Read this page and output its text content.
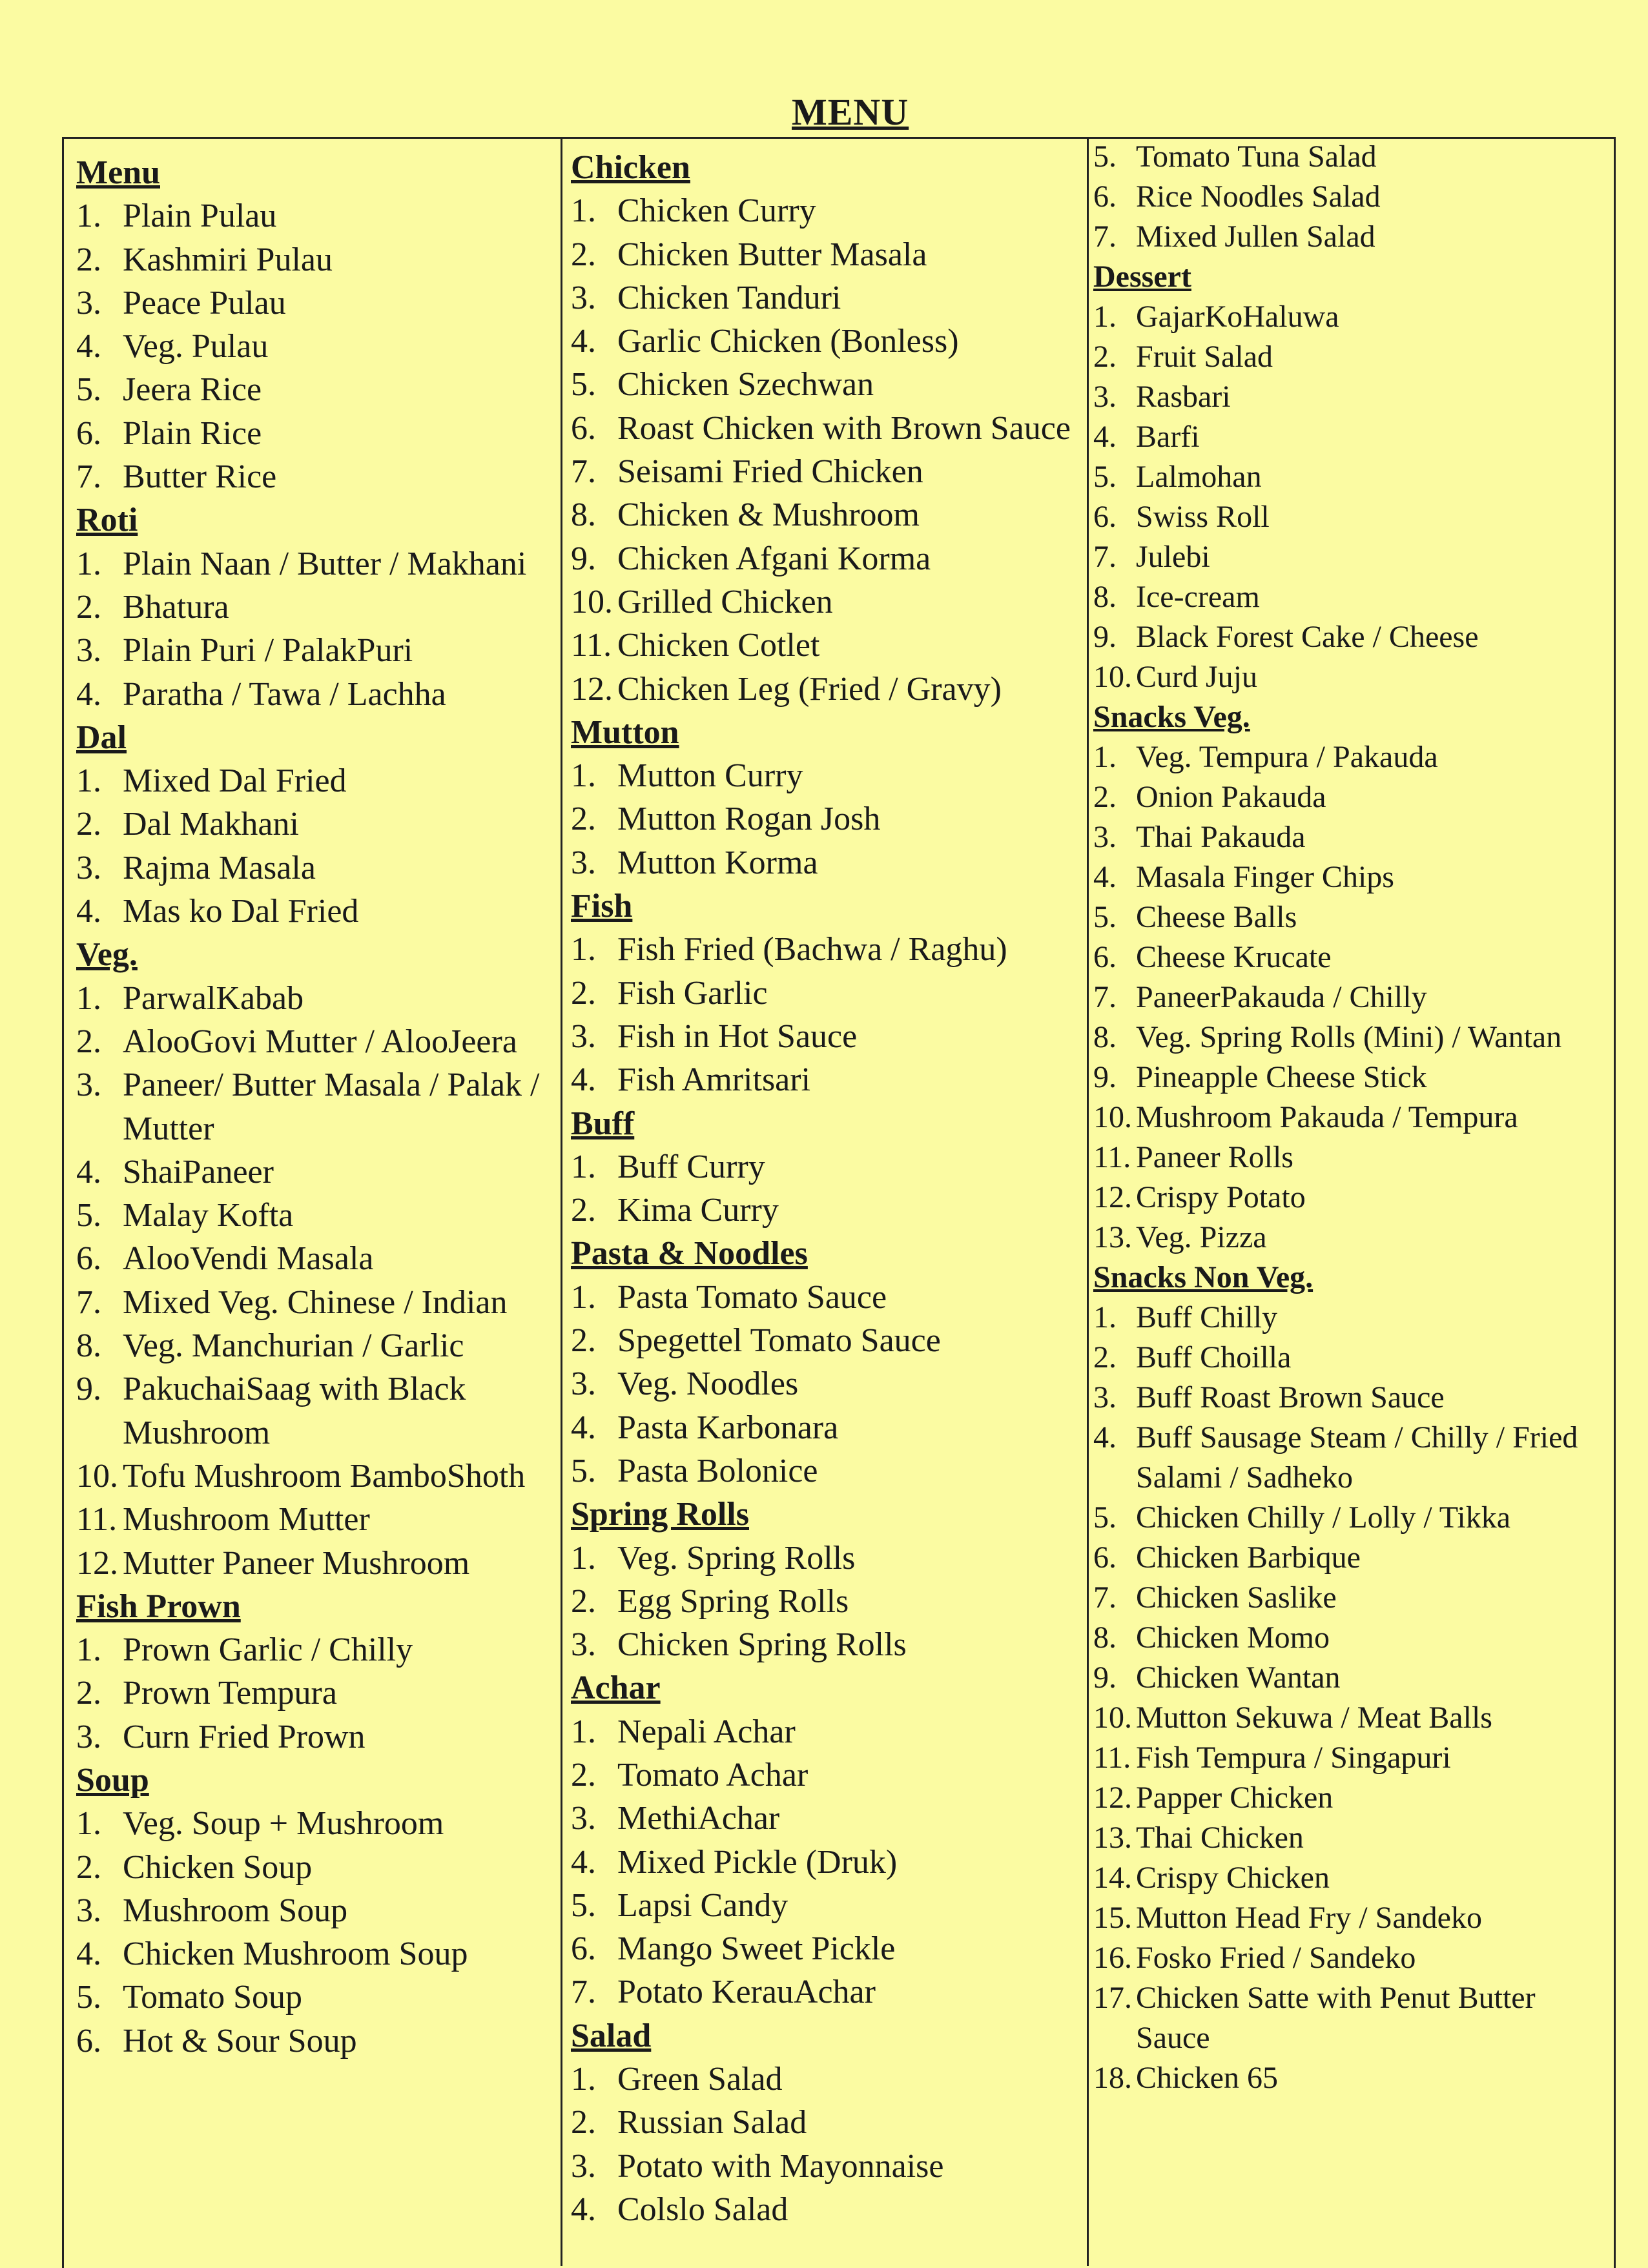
MENU
Menu
1. Plain Pulau
2. Kashmiri Pulau
3. Peace Pulau
4. Veg. Pulau
5. Jeera Rice
6. Plain Rice
7. Butter Rice
Roti
1. Plain Naan / Butter / Makhani
2. Bhatura
3. Plain Puri / PalakPuri
4. Paratha / Tawa / Lachha
Dal
1. Mixed Dal Fried
2. Dal Makhani
3. Rajma Masala
4. Mas ko Dal Fried
Veg.
1. ParwalKabab
2. AlooGovi Mutter / AlooJeera
3. Paneer/ Butter Masala / Palak / Mutter
4. ShaiPaneer
5. Malay Kofta
6. AlooVendi Masala
7. Mixed Veg. Chinese / Indian
8. Veg. Manchurian / Garlic
9. PakuchaiSaag with Black Mushroom
10. Tofu Mushroom BamboShoth
11. Mushroom Mutter
12. Mutter Paneer Mushroom
Fish Prown
1. Prown Garlic / Chilly
2. Prown Tempura
3. Curn Fried Prown
Soup
1. Veg. Soup + Mushroom
2. Chicken Soup
3. Mushroom Soup
4. Chicken Mushroom Soup
5. Tomato Soup
6. Hot & Sour Soup
Chicken
1. Chicken Curry
2. Chicken Butter Masala
3. Chicken Tanduri
4. Garlic Chicken (Bonless)
5. Chicken Szechwan
6. Roast Chicken with Brown Sauce
7. Seisami Fried Chicken
8. Chicken & Mushroom
9. Chicken Afgani Korma
10. Grilled Chicken
11. Chicken Cotlet
12. Chicken Leg (Fried / Gravy)
Mutton
1. Mutton Curry
2. Mutton Rogan Josh
3. Mutton Korma
Fish
1. Fish Fried (Bachwa / Raghu)
2. Fish Garlic
3. Fish in Hot Sauce
4. Fish Amritsari
Buff
1. Buff Curry
2. Kima Curry
Pasta & Noodles
1. Pasta Tomato Sauce
2. Spegettel Tomato Sauce
3. Veg. Noodles
4. Pasta Karbonara
5. Pasta Bolonice
Spring Rolls
1. Veg. Spring Rolls
2. Egg Spring Rolls
3. Chicken Spring Rolls
Achar
1. Nepali Achar
2. Tomato Achar
3. MethiAchar
4. Mixed Pickle (Druk)
5. Lapsi Candy
6. Mango Sweet Pickle
7. Potato KerauAchar
Salad
1. Green Salad
2. Russian Salad
3. Potato with Mayonnaise
4. Colslo Salad
5. Tomato Tuna Salad
6. Rice Noodles Salad
7. Mixed Jullen Salad
Dessert
1. GajarKoHaluwa
2. Fruit Salad
3. Rasbari
4. Barfi
5. Lalmohan
6. Swiss Roll
7. Julebi
8. Ice-cream
9. Black Forest Cake / Cheese
10. Curd Juju
Snacks Veg.
1. Veg. Tempura / Pakauda
2. Onion Pakauda
3. Thai Pakauda
4. Masala Finger Chips
5. Cheese Balls
6. Cheese Krucate
7. PaneerPakauda / Chilly
8. Veg. Spring Rolls (Mini) / Wantan
9. Pineapple Cheese Stick
10. Mushroom Pakauda / Tempura
11. Paneer Rolls
12. Crispy Potato
13. Veg. Pizza
Snacks Non Veg.
1. Buff Chilly
2. Buff Choilla
3. Buff Roast Brown Sauce
4. Buff Sausage Steam / Chilly / Fried Salami / Sadheko
5. Chicken Chilly / Lolly / Tikka
6. Chicken Barbique
7. Chicken Saslike
8. Chicken Momo
9. Chicken Wantan
10. Mutton Sekuwa / Meat Balls
11. Fish Tempura / Singapuri
12. Papper Chicken
13. Thai Chicken
14. Crispy Chicken
15. Mutton Head Fry / Sandeko
16. Fosko Fried / Sandeko
17. Chicken Satte with Penut Butter Sauce
18. Chicken 65
